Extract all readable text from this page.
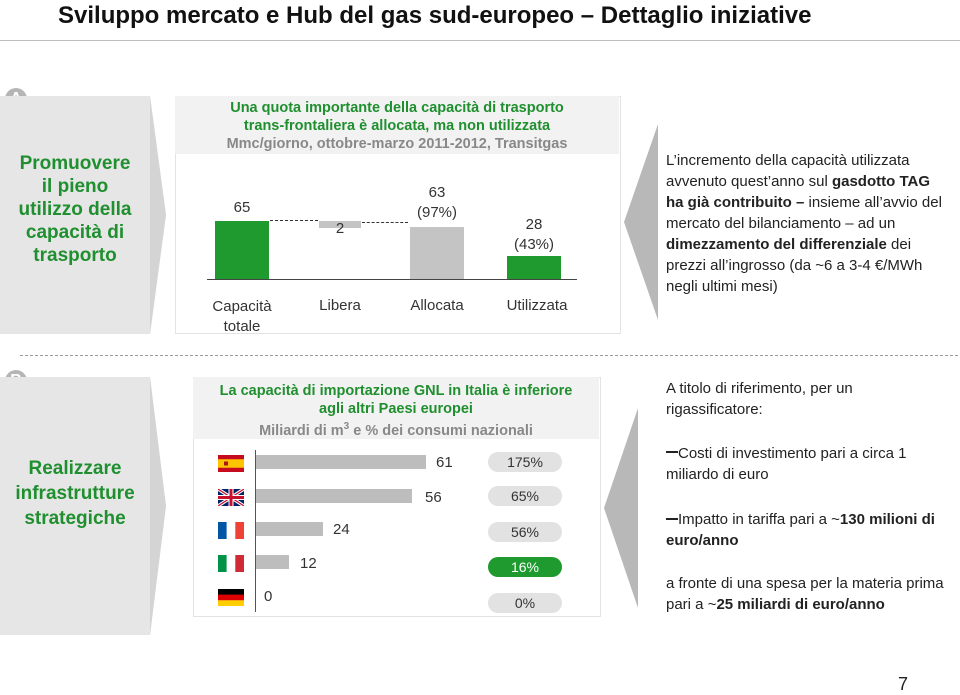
Sviluppo mercato e Hub del gas sud-europeo – Dettaglio iniziative
Promuovere
il pieno
utilizzo della
capacità di
trasporto
Una quota importante della capacità di trasporto
trans-frontaliera è allocata, ma non utilizzata
Mmc/giorno, ottobre-marzo 2011-2012, Transitgas
65
2
63
(97%)
28
(43%)
Capacità
totale
Libera	Allocata	Utilizzata
L’incremento della capacità utilizzata avvenuto quest’anno sul gasdotto TAG ha già contribuito – insieme all’avvio del mercato del bilanciamento – ad un dimezzamento del differenziale dei prezzi all’ingrosso (da ~6 a 3-4 €/MWh negli ultimi mesi)
Realizzare
infrastrutture
strategiche
La capacità di importazione GNL in Italia è inferiore
agli altri Paesi europei
Miliardi di $m^3$ e % dei consumi nazionali
61
56
24
12
0
175%
65%
56%
16%
0%
A titolo di riferimento, per un rigassificatore:
Costi di investimento pari a circa 1 miliardo di euro
Impatto in tariffa pari a ~130 milioni di euro/anno
a fronte di una spesa per la materia prima pari a ~25 miliardi di euro/anno
7
